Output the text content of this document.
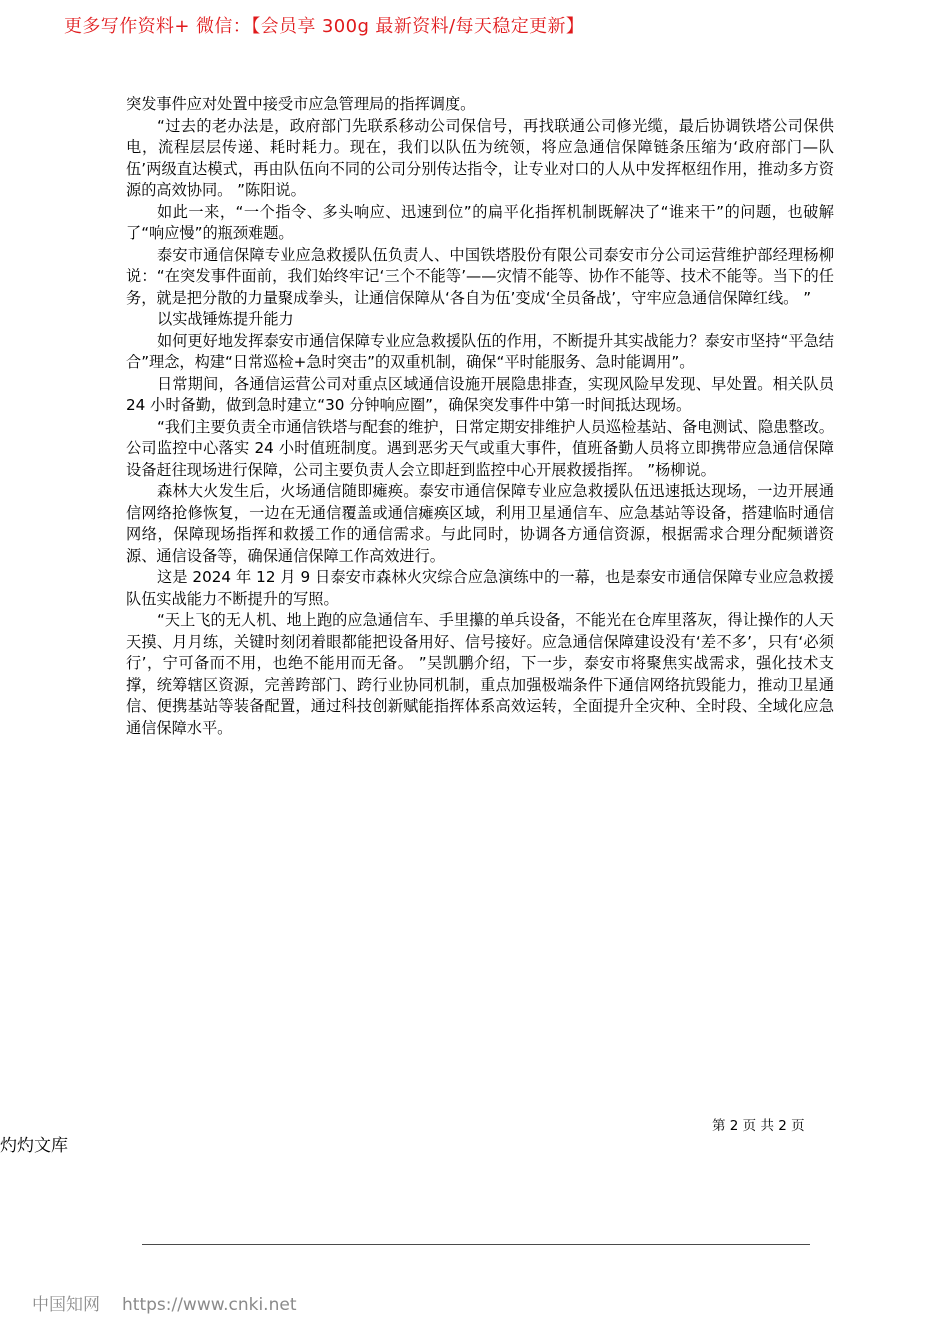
更多写作资料+ 微信：【会员享 300g 最新资料/每天稳定更新】

突发事件应对处置中接受市应急管理局的指挥调度。

“过去的老办法是，政府部门先联系移动公司保信号，再找联通公司修光缆，最后协调铁塔公司保供电，流程层层传递、耗时耗力。现在，我们以队伍为统领，将应急通信保障链条压缩为‘政府部门—队伍’两级直达模式，再由队伍向不同的公司分别传达指令，让专业对口的人从中发挥枢纽作用，推动多方资源的高效协同。 ”陈阳说。

如此一来，“一个指令、多头响应、迅速到位”的扁平化指挥机制既解决了“谁来干”的问题，也破解了“响应慢”的瓶颈难题。

泰安市通信保障专业应急救援队伍负责人、中国铁塔股份有限公司泰安市分公司运营维护部经理杨柳说：“在突发事件面前，我们始终牢记‘三个不能等’——灾情不能等、协作不能等、技术不能等。当下的任务，就是把分散的力量聚成拳头，让通信保障从‘各自为伍’变成‘全员备战’，守牢应急通信保障红线。 ”

以实战锤炼提升能力

如何更好地发挥泰安市通信保障专业应急救援队伍的作用，不断提升其实战能力？泰安市坚持“平急结合”理念，构建“日常巡检+急时突击”的双重机制，确保“平时能服务、急时能调用”。

日常期间，各通信运营公司对重点区域通信设施开展隐患排查，实现风险早发现、早处置。相关队员 24 小时备勤，做到急时建立“30 分钟响应圈”，确保突发事件中第一时间抵达现场。

“我们主要负责全市通信铁塔与配套的维护，日常定期安排维护人员巡检基站、备电测试、隐患整改。公司监控中心落实 24 小时值班制度。遇到恶劣天气或重大事件，值班备勤人员将立即携带应急通信保障设备赶往现场进行保障，公司主要负责人会立即赶到监控中心开展救援指挥。 ”杨柳说。

森林大火发生后，火场通信随即瘫痪。泰安市通信保障专业应急救援队伍迅速抵达现场，一边开展通信网络抢修恢复，一边在无通信覆盖或通信瘫痪区域，利用卫星通信车、应急基站等设备，搭建临时通信网络，保障现场指挥和救援工作的通信需求。与此同时，协调各方通信资源，根据需求合理分配频谱资源、通信设备等，确保通信保障工作高效进行。

这是 2024 年 12 月 9 日泰安市森林火灾综合应急演练中的一幕，也是泰安市通信保障专业应急救援队伍实战能力不断提升的写照。

“天上飞的无人机、地上跑的应急通信车、手里攥的单兵设备，不能光在仓库里落灰，得让操作的人天天摸、月月练，关键时刻闭着眼都能把设备用好、信号接好。应急通信保障建设没有‘差不多’，只有‘必须行’，宁可备而不用，也绝不能用而无备。 ”吴凯鹏介绍，下一步，泰安市将聚焦实战需求，强化技术支撑，统筹辖区资源，完善跨部门、跨行业协同机制，重点加强极端条件下通信网络抗毁能力，推动卫星通信、便携基站等装备配置，通过科技创新赋能指挥体系高效运转，全面提升全灾种、全时段、全域化应急通信保障水平。

第 2 页 共 2 页
灼灼文库
中国知网 https://www.cnki.net
